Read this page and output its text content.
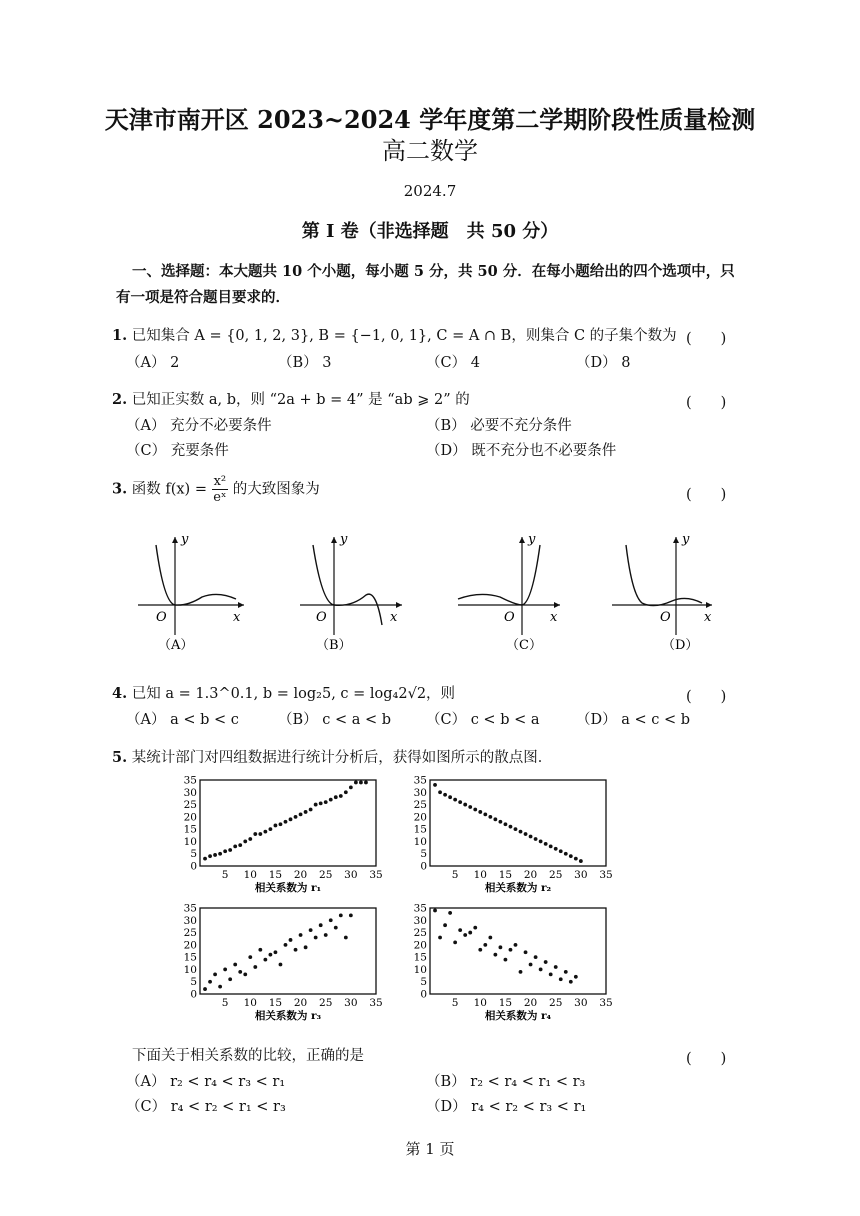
天津市南开区 2023~2024 学年度第二学期阶段性质量检测
高二数学
2024.7
第 I 卷（非选择题　共 50 分）
一、选择题：本大题共 10 个小题，每小题 5 分，共 50 分．在每小题给出的四个选项中，只
有一项是符合题目要求的．
1. 已知集合 A = {0, 1, 2, 3}, B = {−1, 0, 1}, C = A ∩ B，则集合 C 的子集个数为 (　　)
（A） 2	（B） 3	（C） 4	（D） 8
2. 已知正实数 a, b，则 “2a + b = 4” 是 “ab ⩾ 2” 的	(　　)
（A） 充分不必要条件	（B） 必要不充分条件
（C） 充要条件	（D） 既不充分也不必要条件
3. 函数 $f(x) = \frac{\text{x²}}{\text{eˣ}}$ 的大致图象为	(　　)
O	x
y
（A）
O	x
y
（B）
O	x
y
（C）
O	x
y
（D）
4. 已知 a = 1.3^0.1, b = log₂5, c = log₄2√2，则	(　　)
（A） a < b < c	（B） c < a < b （C） c < b < a	（D） a < c < b
5. 某统计部门对四组数据进行统计分析后，获得如图所示的散点图．
0
5
10
15
20
25
30
35
5 10 15 20 25 30 35
相关系数为 r₁
0
5
10
15
20
25
30
35
5 10 15 20 25 30 35
相关系数为 r₂
0
5
10
15
20
25
30
35
5 10 15 20 25 30 35
相关系数为 r₃
0
5
10
15
20
25
30
35
5 10 15 20 25 30 35
相关系数为 r₄
下面关于相关系数的比较，正确的是	(　　)
（A） r₂ < r₄ < r₃ < r₁	（B） r₂ < r₄ < r₁ < r₃
（C） r₄ < r₂ < r₁ < r₃	（D） r₄ < r₂ < r₃ < r₁
第 1 页
